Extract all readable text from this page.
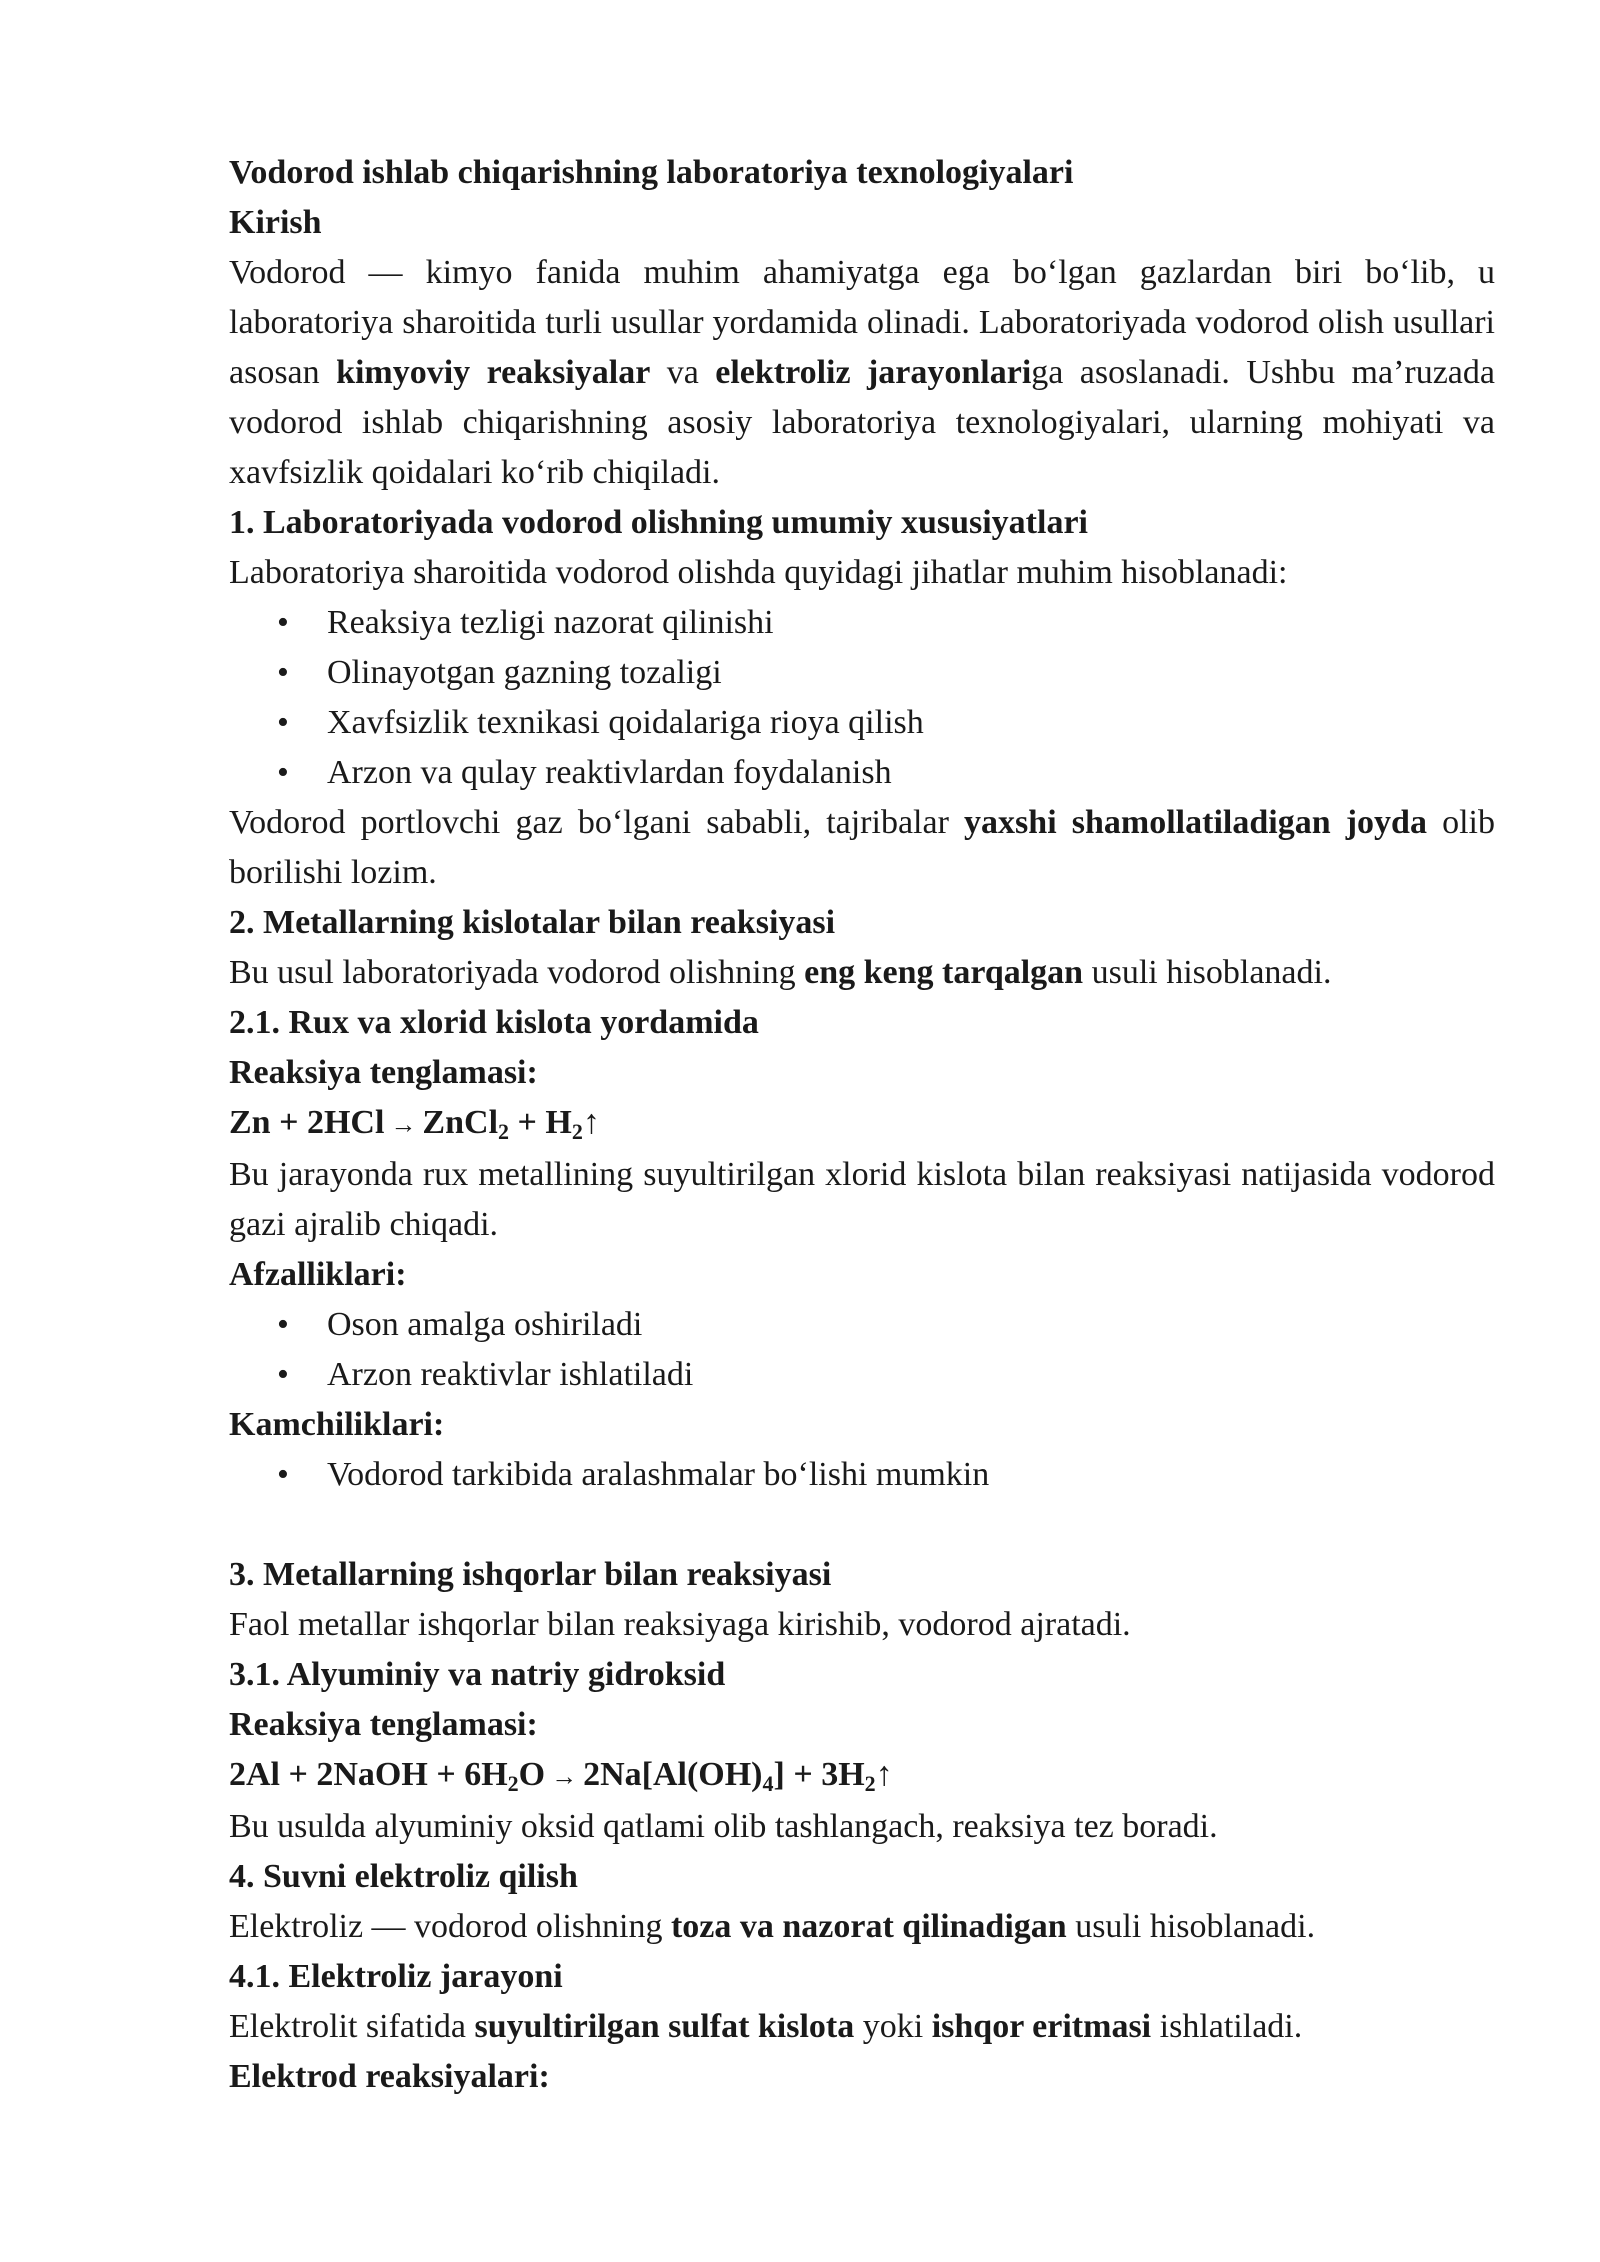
Vodorod ishlab chiqarishning laboratoriya texnologiyalari

Kirish

Vodorod — kimyo fanida muhim ahamiyatga ega bo‘lgan gazlardan biri bo‘lib, u laboratoriya sharoitida turli usullar yordamida olinadi. Laboratoriyada vodorod olish usullari asosan kimyoviy reaksiyalar va elektroliz jarayonlariga asoslanadi. Ushbu ma’ruzada vodorod ishlab chiqarishning asosiy laboratoriya texnologiyalari, ularning mohiyati va xavfsizlik qoidalari ko‘rib chiqiladi.

1. Laboratoriyada vodorod olishning umumiy xususiyatlari

Laboratoriya sharoitida vodorod olishda quyidagi jihatlar muhim hisoblanadi:

• Reaksiya tezligi nazorat qilinishi
• Olinayotgan gazning tozaligi
• Xavfsizlik texnikasi qoidalariga rioya qilish
• Arzon va qulay reaktivlardan foydalanish

Vodorod portlovchi gaz bo‘lgani sababli, tajribalar yaxshi shamollatiladigan joyda olib borilishi lozim.

2. Metallarning kislotalar bilan reaksiyasi

Bu usul laboratoriyada vodorod olishning eng keng tarqalgan usuli hisoblanadi.

2.1. Rux va xlorid kislota yordamida

Reaksiya tenglamasi:

Zn + 2HCl → ZnCl$_2$ + $H_2↑$

Bu jarayonda rux metallining suyultirilgan xlorid kislota bilan reaksiyasi natijasida vodorod gazi ajralib chiqadi.

Afzalliklari:

• Oson amalga oshiriladi
• Arzon reaktivlar ishlatiladi

Kamchiliklari:

• Vodorod tarkibida aralashmalar bo‘lishi mumkin

3. Metallarning ishqorlar bilan reaksiyasi

Faol metallar ishqorlar bilan reaksiyaga kirishib, vodorod ajratadi.

3.1. Alyuminiy va natriy gidroksid

Reaksiya tenglamasi:

2Al + 2NaOH + $6H_2O \to 2Na[Al(OH)_4]$ + $3H_2↑$

Bu usulda alyuminiy oksid qatlami olib tashlangach, reaksiya tez boradi.

4. Suvni elektroliz qilish

Elektroliz — vodorod olishning toza va nazorat qilinadigan usuli hisoblanadi.

4.1. Elektroliz jarayoni

Elektrolit sifatida suyultirilgan sulfat kislota yoki ishqor eritmasi ishlatiladi.

Elektrod reaksiyalari:
